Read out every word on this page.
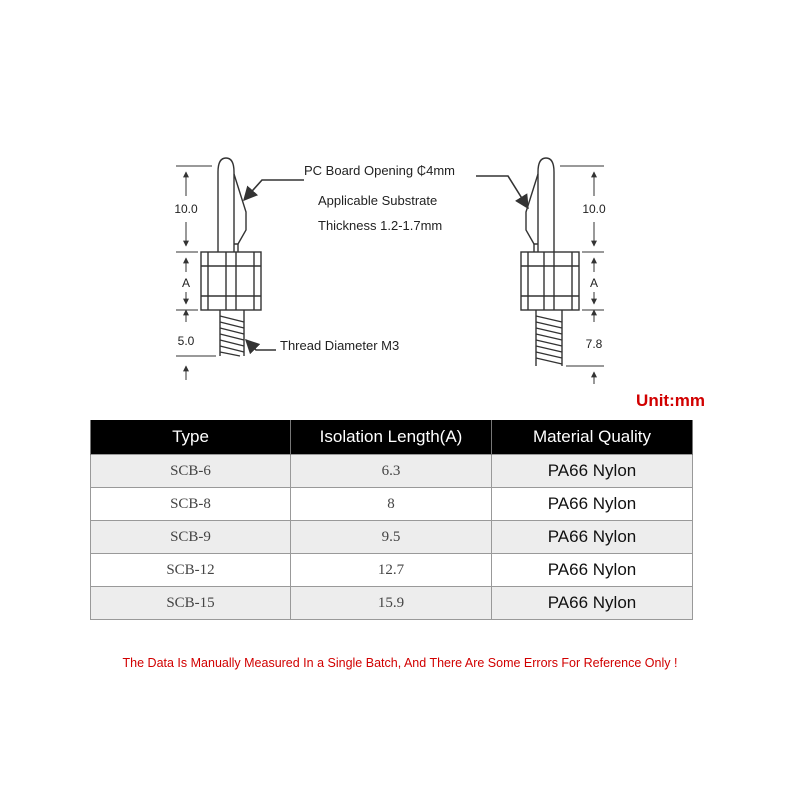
PC Board Opening ₵4mm
Applicable Substrate
Thickness 1.2-1.7mm
Thread Diameter M3
10.0
A
5.0
10.0
A
7.8
Unit:mm
Type	Isolation Length(A)	Material Quality
SCB-6	6.3	PA66 Nylon
SCB-8	8	PA66 Nylon
SCB-9	9.5	PA66 Nylon
SCB-12	12.7	PA66 Nylon
SCB-15	15.9	PA66 Nylon
The Data Is Manually Measured In a Single Batch, And There Are Some Errors For Reference Only !
